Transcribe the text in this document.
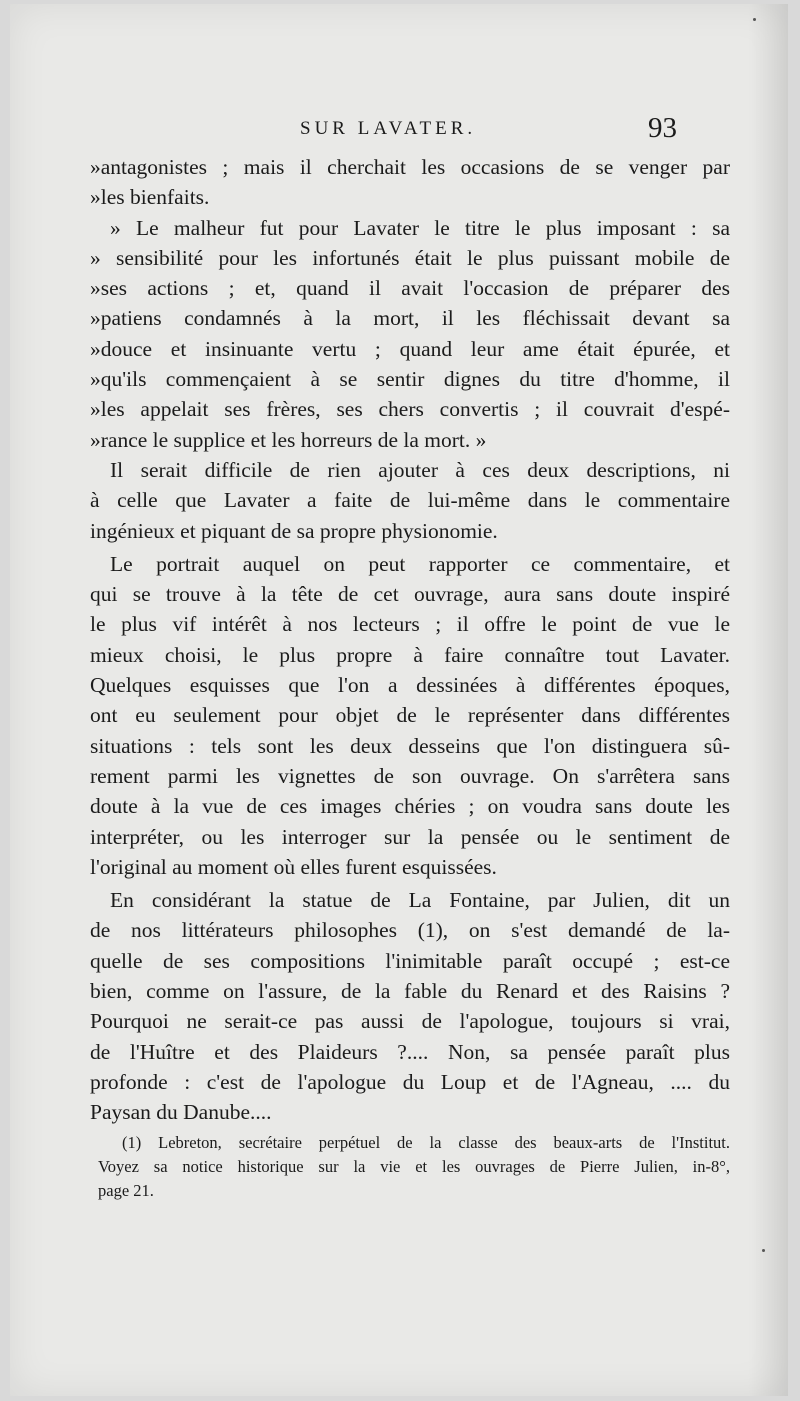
SUR LAVATER.	93
»antagonistes ; mais il cherchait les occasions de se venger par
»les bienfaits.
» Le malheur fut pour Lavater le titre le plus imposant : sa
» sensibilité pour les infortunés était le plus puissant mobile de
»ses actions ; et, quand il avait l'occasion de préparer des
»patiens condamnés à la mort, il les fléchissait devant sa
»douce et insinuante vertu ; quand leur ame était épurée, et
»qu'ils commençaient à se sentir dignes du titre d'homme, il
»les appelait ses frères, ses chers convertis ; il couvrait d'espé-
»rance le supplice et les horreurs de la mort. »
Il serait difficile de rien ajouter à ces deux descriptions, ni
à celle que Lavater a faite de lui-même dans le commentaire
ingénieux et piquant de sa propre physionomie.
Le portrait auquel on peut rapporter ce commentaire, et
qui se trouve à la tête de cet ouvrage, aura sans doute inspiré
le plus vif intérêt à nos lecteurs ; il offre le point de vue le
mieux choisi, le plus propre à faire connaître tout Lavater.
Quelques esquisses que l'on a dessinées à différentes époques,
ont eu seulement pour objet de le représenter dans différentes
situations : tels sont les deux desseins que l'on distinguera sû-
rement parmi les vignettes de son ouvrage. On s'arrêtera sans
doute à la vue de ces images chéries ; on voudra sans doute les
interpréter, ou les interroger sur la pensée ou le sentiment de
l'original au moment où elles furent esquissées.
En considérant la statue de La Fontaine, par Julien, dit un
de nos littérateurs philosophes (1), on s'est demandé de la-
quelle de ses compositions l'inimitable paraît occupé ; est-ce
bien, comme on l'assure, de la fable du Renard et des Raisins ?
Pourquoi ne serait-ce pas aussi de l'apologue, toujours si vrai,
de l'Huître et des Plaideurs ?.... Non, sa pensée paraît plus
profonde : c'est de l'apologue du Loup et de l'Agneau, .... du
Paysan du Danube....
(1) Lebreton, secrétaire perpétuel de la classe des beaux-arts de l'Institut.
Voyez sa notice historique sur la vie et les ouvrages de Pierre Julien, in-8°,
page 21.
